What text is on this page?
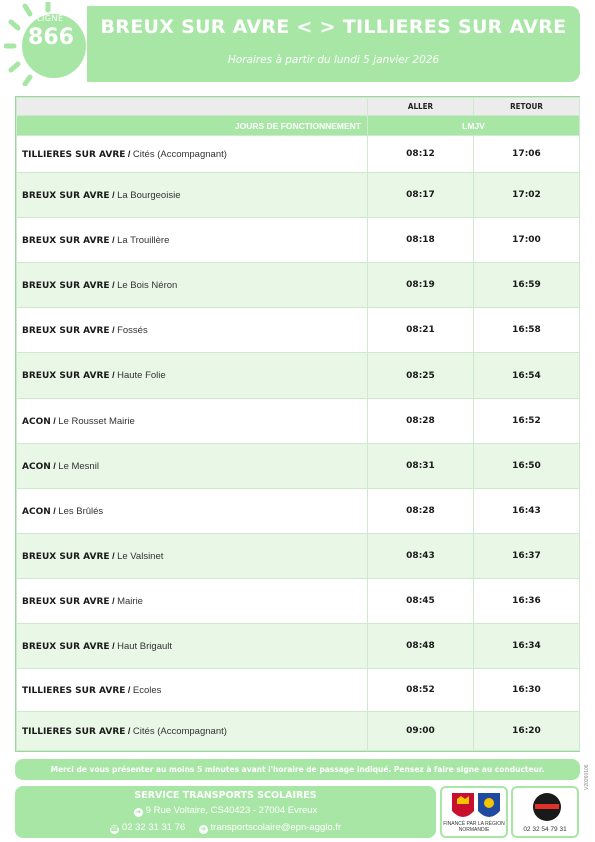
LIGNE
866	BREUX SUR AVRE < > TILLIERES SUR AVRE
Horaires à partir du lundi 5 janvier 2026
	ALLER	RETOUR
JOURS DE FONCTIONNEMENT	LMJV	
TILLIERES SUR AVRE / Cités (Accompagnant)	08:12	17:06
BREUX SUR AVRE / La Bourgeoisie	08:17	17:02
BREUX SUR AVRE / La Trouillère	08:18	17:00
BREUX SUR AVRE / Le Bois Néron	08:19	16:59
BREUX SUR AVRE / Fossés	08:21	16:58
BREUX SUR AVRE / Haute Folie	08:25	16:54
ACON / Le Rousset Mairie	08:28	16:52
ACON / Le Mesnil	08:31	16:50
ACON / Les Brûlés	08:28	16:43
BREUX SUR AVRE / Le Valsinet	08:43	16:37
BREUX SUR AVRE / Mairie	08:45	16:36
BREUX SUR AVRE / Haut Brigault	08:48	16:34
TILLIERES SUR AVRE / Ecoles	08:52	16:30
TILLIERES SUR AVRE / Cités (Accompagnant)	09:00	16:20
Merci de vous présenter au moins 5 minutes avant l'horaire de passage indiqué. Pensez à faire signe au conducteur.
SERVICE TRANSPORTS SCOLAIRES
➜ 9 Rue Voltaire, CS40423 - 27004 Evreux
☎ 02 32 31 31 76 ➜ transportscolaire@epn-agglo.fr	FINANCÉ PAR LA RÉGION NORMANDIE	02 32 54 79 31
V20260106
